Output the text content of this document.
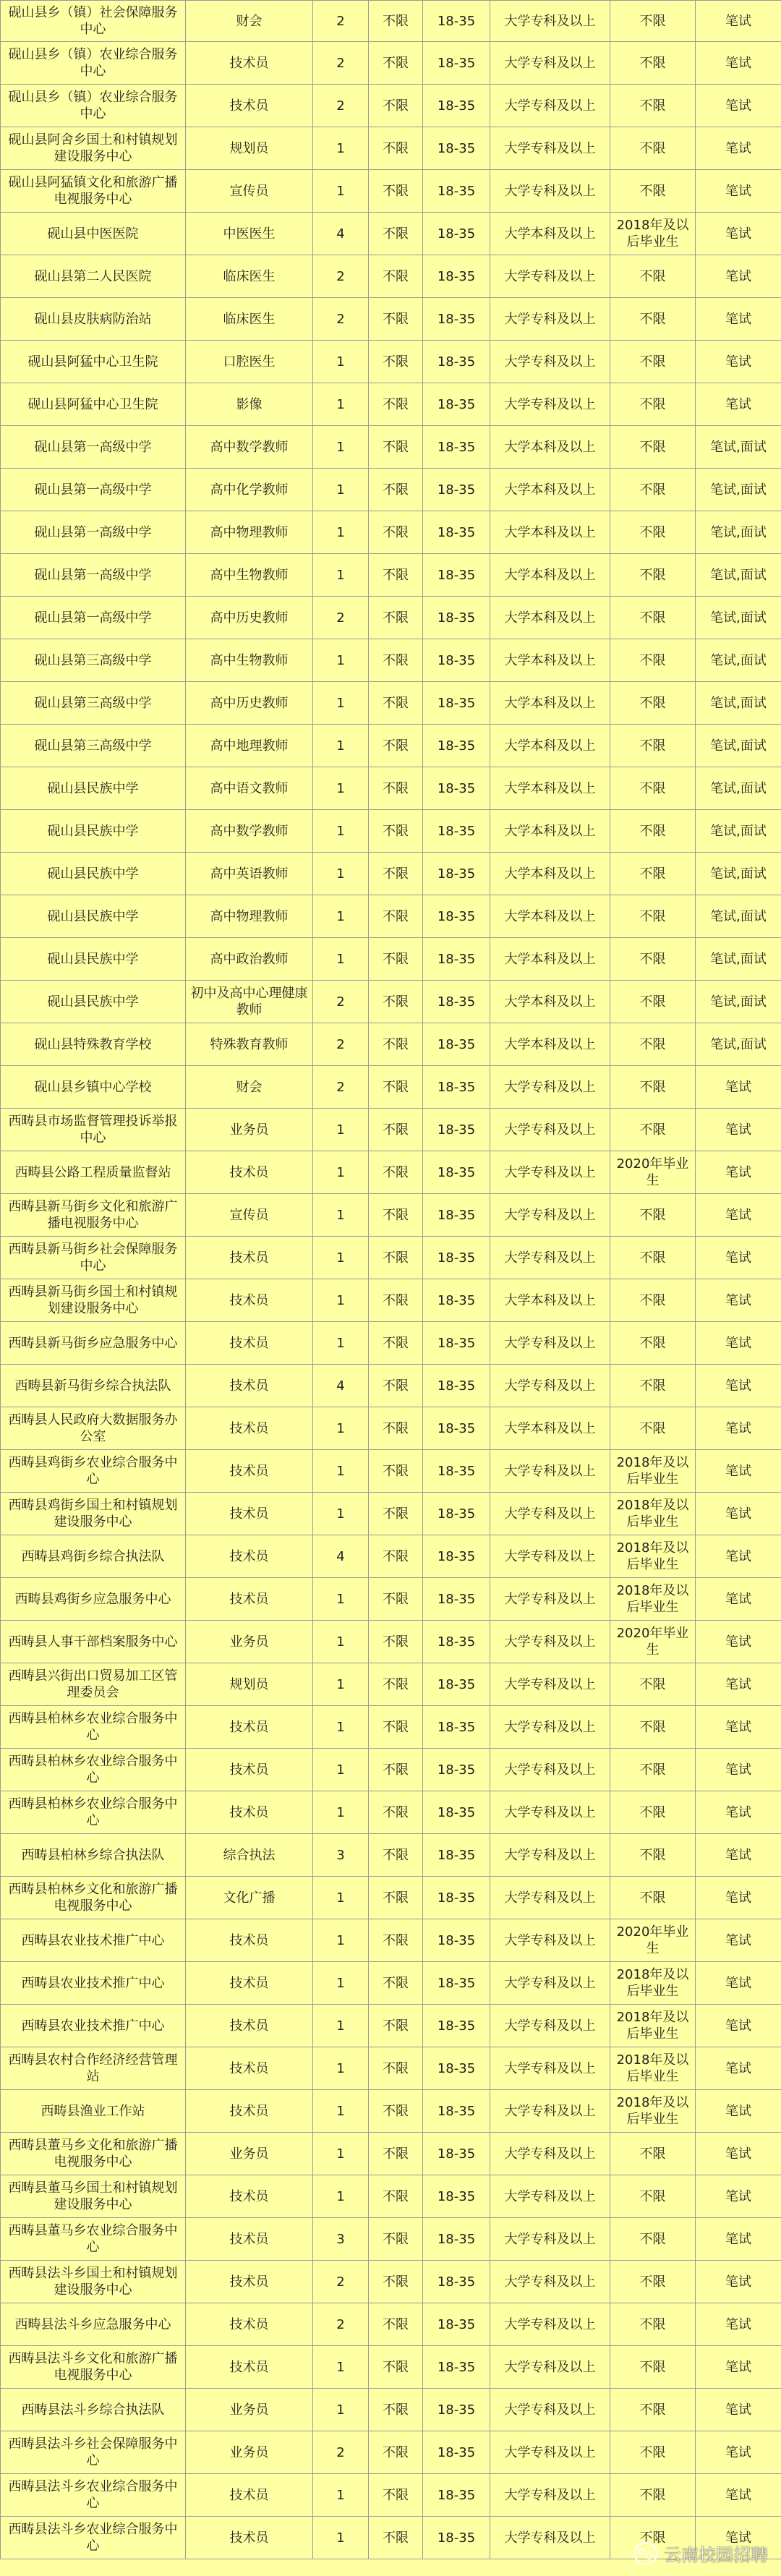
砚山县乡（镇）社会保障服务中心	财会	2	不限	18-35	大学专科及以上	不限	笔试
砚山县乡（镇）农业综合服务中心	技术员	2	不限	18-35	大学专科及以上	不限	笔试
砚山县乡（镇）农业综合服务中心	技术员	2	不限	18-35	大学专科及以上	不限	笔试
砚山县阿舍乡国土和村镇规划建设服务中心	规划员	1	不限	18-35	大学专科及以上	不限	笔试
砚山县阿猛镇文化和旅游广播电视服务中心	宣传员	1	不限	18-35	大学专科及以上	不限	笔试
砚山县中医医院	中医医生	4	不限	18-35	大学本科及以上	2018年及以后毕业生	笔试
砚山县第二人民医院	临床医生	2	不限	18-35	大学专科及以上	不限	笔试
砚山县皮肤病防治站	临床医生	2	不限	18-35	大学专科及以上	不限	笔试
砚山县阿猛中心卫生院	口腔医生	1	不限	18-35	大学专科及以上	不限	笔试
砚山县阿猛中心卫生院	影像	1	不限	18-35	大学专科及以上	不限	笔试
砚山县第一高级中学	高中数学教师	1	不限	18-35	大学本科及以上	不限	笔试,面试
砚山县第一高级中学	高中化学教师	1	不限	18-35	大学本科及以上	不限	笔试,面试
砚山县第一高级中学	高中物理教师	1	不限	18-35	大学本科及以上	不限	笔试,面试
砚山县第一高级中学	高中生物教师	1	不限	18-35	大学本科及以上	不限	笔试,面试
砚山县第一高级中学	高中历史教师	2	不限	18-35	大学本科及以上	不限	笔试,面试
砚山县第三高级中学	高中生物教师	1	不限	18-35	大学本科及以上	不限	笔试,面试
砚山县第三高级中学	高中历史教师	1	不限	18-35	大学本科及以上	不限	笔试,面试
砚山县第三高级中学	高中地理教师	1	不限	18-35	大学本科及以上	不限	笔试,面试
砚山县民族中学	高中语文教师	1	不限	18-35	大学本科及以上	不限	笔试,面试
砚山县民族中学	高中数学教师	1	不限	18-35	大学本科及以上	不限	笔试,面试
砚山县民族中学	高中英语教师	1	不限	18-35	大学本科及以上	不限	笔试,面试
砚山县民族中学	高中物理教师	1	不限	18-35	大学本科及以上	不限	笔试,面试
砚山县民族中学	高中政治教师	1	不限	18-35	大学本科及以上	不限	笔试,面试
砚山县民族中学	初中及高中心理健康教师	2	不限	18-35	大学本科及以上	不限	笔试,面试
砚山县特殊教育学校	特殊教育教师	2	不限	18-35	大学本科及以上	不限	笔试,面试
砚山县乡镇中心学校	财会	2	不限	18-35	大学专科及以上	不限	笔试
西畴县市场监督管理投诉举报中心	业务员	1	不限	18-35	大学专科及以上	不限	笔试
西畴县公路工程质量监督站	技术员	1	不限	18-35	大学专科及以上	2020年毕业生	笔试
西畴县新马街乡文化和旅游广播电视服务中心	宣传员	1	不限	18-35	大学专科及以上	不限	笔试
西畴县新马街乡社会保障服务中心	技术员	1	不限	18-35	大学专科及以上	不限	笔试
西畴县新马街乡国土和村镇规划建设服务中心	技术员	1	不限	18-35	大学本科及以上	不限	笔试
西畴县新马街乡应急服务中心	技术员	1	不限	18-35	大学专科及以上	不限	笔试
西畴县新马街乡综合执法队	技术员	4	不限	18-35	大学专科及以上	不限	笔试
西畴县人民政府大数据服务办公室	技术员	1	不限	18-35	大学本科及以上	不限	笔试
西畴县鸡街乡农业综合服务中心	技术员	1	不限	18-35	大学专科及以上	2018年及以后毕业生	笔试
西畴县鸡街乡国土和村镇规划建设服务中心	技术员	1	不限	18-35	大学专科及以上	2018年及以后毕业生	笔试
西畴县鸡街乡综合执法队	技术员	4	不限	18-35	大学专科及以上	2018年及以后毕业生	笔试
西畴县鸡街乡应急服务中心	技术员	1	不限	18-35	大学专科及以上	2018年及以后毕业生	笔试
西畴县人事干部档案服务中心	业务员	1	不限	18-35	大学专科及以上	2020年毕业生	笔试
西畴县兴街出口贸易加工区管理委员会	规划员	1	不限	18-35	大学专科及以上	不限	笔试
西畴县柏林乡农业综合服务中心	技术员	1	不限	18-35	大学专科及以上	不限	笔试
西畴县柏林乡农业综合服务中心	技术员	1	不限	18-35	大学专科及以上	不限	笔试
西畴县柏林乡农业综合服务中心	技术员	1	不限	18-35	大学专科及以上	不限	笔试
西畴县柏林乡综合执法队	综合执法	3	不限	18-35	大学专科及以上	不限	笔试
西畴县柏林乡文化和旅游广播电视服务中心	文化广播	1	不限	18-35	大学专科及以上	不限	笔试
西畴县农业技术推广中心	技术员	1	不限	18-35	大学专科及以上	2020年毕业生	笔试
西畴县农业技术推广中心	技术员	1	不限	18-35	大学专科及以上	2018年及以后毕业生	笔试
西畴县农业技术推广中心	技术员	1	不限	18-35	大学专科及以上	2018年及以后毕业生	笔试
西畴县农村合作经济经营管理站	技术员	1	不限	18-35	大学专科及以上	2018年及以后毕业生	笔试
西畴县渔业工作站	技术员	1	不限	18-35	大学专科及以上	2018年及以后毕业生	笔试
西畴县董马乡文化和旅游广播电视服务中心	业务员	1	不限	18-35	大学专科及以上	不限	笔试
西畴县董马乡国土和村镇规划建设服务中心	技术员	1	不限	18-35	大学专科及以上	不限	笔试
西畴县董马乡农业综合服务中心	技术员	3	不限	18-35	大学专科及以上	不限	笔试
西畴县法斗乡国土和村镇规划建设服务中心	技术员	2	不限	18-35	大学专科及以上	不限	笔试
西畴县法斗乡应急服务中心	技术员	2	不限	18-35	大学专科及以上	不限	笔试
西畴县法斗乡文化和旅游广播电视服务中心	技术员	1	不限	18-35	大学专科及以上	不限	笔试
西畴县法斗乡综合执法队	业务员	1	不限	18-35	大学专科及以上	不限	笔试
西畴县法斗乡社会保障服务中心	业务员	2	不限	18-35	大学专科及以上	不限	笔试
西畴县法斗乡农业综合服务中心	技术员	1	不限	18-35	大学专科及以上	不限	笔试
西畴县法斗乡农业综合服务中心	技术员	1	不限	18-35	大学专科及以上	不限	笔试
云南校园招聘
